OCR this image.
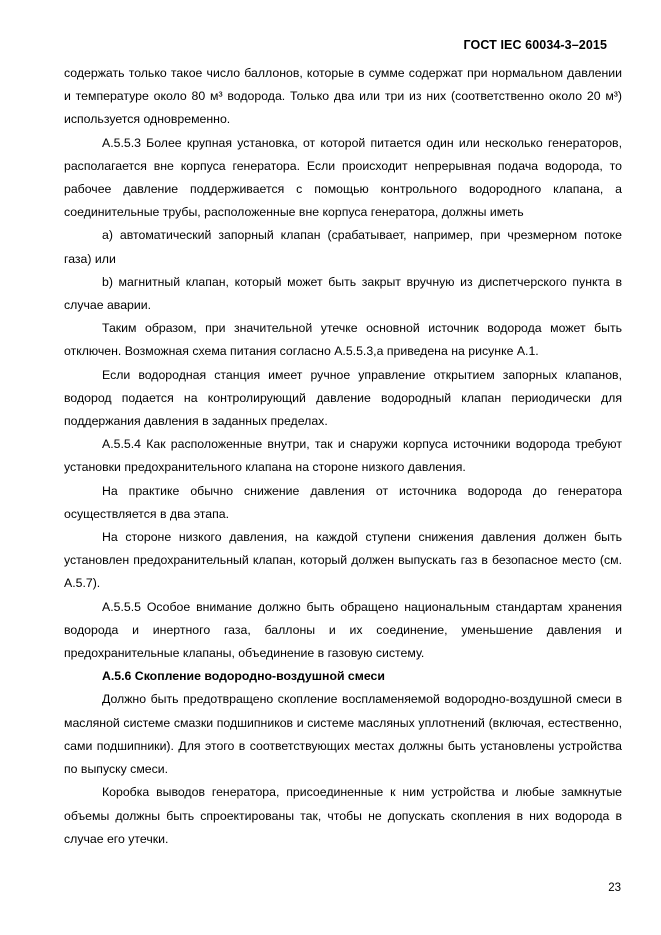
ГОСТ IEC 60034-3–2015

содержать только такое число баллонов, которые в сумме содержат при нормальном давлении и температуре около 80 м³ водорода. Только два или три из них (соответственно около 20 м³) используется одновременно.

А.5.5.3 Более крупная установка, от которой питается один или несколько генераторов, располагается вне корпуса генератора. Если происходит непрерывная подача водорода, то рабочее давление поддерживается с помощью контрольного водородного клапана, а соединительные трубы, расположенные вне корпуса генератора, должны иметь

a) автоматический запорный клапан (срабатывает, например, при чрезмерном потоке газа) или

b) магнитный клапан, который может быть закрыт вручную из диспетчерского пункта в случае аварии.

Таким образом, при значительной утечке основной источник водорода может быть отключен. Возможная схема питания согласно А.5.5.3,а приведена на рисунке А.1.

Если водородная станция имеет ручное управление открытием запорных клапанов, водород подается на контролирующий давление водородный клапан периодически для поддержания давления в заданных пределах.

А.5.5.4 Как расположенные внутри, так и снаружи корпуса источники водорода требуют установки предохранительного клапана на стороне низкого давления.

На практике обычно снижение давления от источника водорода до генератора осуществляется в два этапа.

На стороне низкого давления, на каждой ступени снижения давления должен быть установлен предохранительный клапан, который должен выпускать газ в безопасное место (см. А.5.7).

А.5.5.5 Особое внимание должно быть обращено национальным стандартам хранения водорода и инертного газа, баллоны и их соединение, уменьшение давления и предохранительные клапаны, объединение в газовую систему.

А.5.6 Скопление водородно-воздушной смеси

Должно быть предотвращено скопление воспламеняемой водородно-воздушной смеси в масляной системе смазки подшипников и системе масляных уплотнений (включая, естественно, сами подшипники). Для этого в соответствующих местах должны быть установлены устройства по выпуску смеси.

Коробка выводов генератора, присоединенные к ним устройства и любые замкнутые объемы должны быть спроектированы так, чтобы не допускать скопления в них водорода в случае его утечки.

23
